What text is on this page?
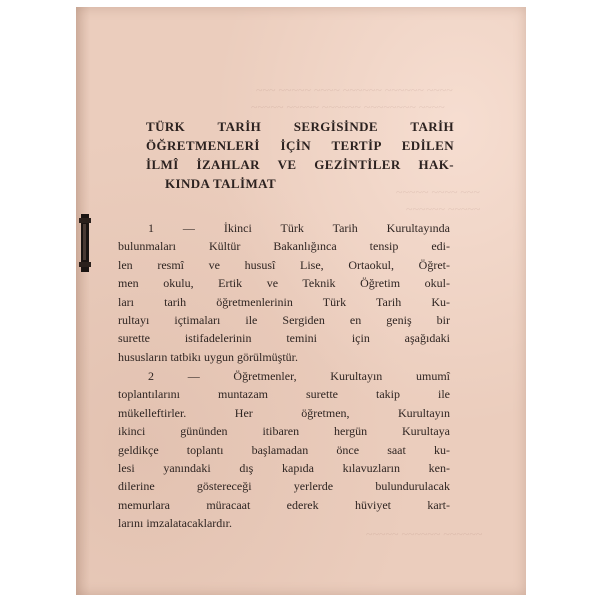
~~~ ~~~~~ ~~~~ ~~~~~~ ~~~~~~ ~~~~
~~~~~ ~~~~~ ~~~~~~ ~~~~~~~~ ~~~~
~~~~~ ~~~~ ~~~
~~~~~~ ~~~~~
~~~~~ ~~~~~~ ~~~~~~
TÜRK TARİH SERGİSİNDE TARİH
ÖĞRETMENLERİ İÇİN TERTİP EDİLEN
İLMÎ İZAHLAR VE GEZİNTİLER HAK-
KINDA TALİMAT
1 — İkinci Türk Tarih Kurultayında
bulunmaları Kültür Bakanlığınca tensip edi-
len resmî ve hususî Lise, Ortaokul, Öğret-
men okulu, Ertik ve Teknik Öğretim okul-
ları tarih öğretmenlerinin Türk Tarih Ku-
rultayı içtimaları ile Sergiden en geniş bir
surette istifadelerinin temini için aşağıdaki
hususların tatbikı uygun görülmüştür.
2 — Öğretmenler, Kurultayın umumî
toplantılarını muntazam surette takip ile
mükelleftirler. Her öğretmen, Kurultayın
ikinci gününden itibaren hergün Kurultaya
geldikçe toplantı başlamadan önce saat ku-
lesi yanındaki dış kapıda kılavuzların ken-
dilerine göstereceği yerlerde bulundurulacak
memurlara müracaat ederek hüviyet kart-
larını imzalatacaklardır.
